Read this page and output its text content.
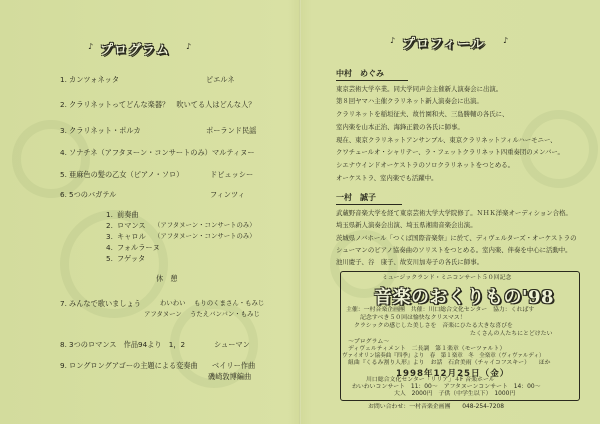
♪ プログラム ♪
1. カンツォネッタ	ピエルネ
2. クラリネットってどんな楽器？　吹いてる人はどんな人？
3. クラリネット・ポルカ	ポーランド民謡
4. ソナチネ（アフタヌーン・コンサートのみ） マルティヌー
5. 亜麻色の髪の乙女（ピアノ・ソロ）	ドビュッシー
6. 5つのバガテル	フィンツィ
1. 前奏曲
2. ロマンス （アフタヌーン・コンサートのみ）
3. キャロル （アフタヌーン・コンサートのみ）
4. フォルラーヌ
5. フゲッタ
休　憩
7. みんなで歌いましょう	わいわい もりのくまさん・もみじ
アフタヌーン うたえバンバン・もみじ
8. 3つのロマンス　作品94より　1，2	シューマン
9. ロングロングアゴーの主題による変奏曲 ベイリー作曲
磯崎敦博編曲
♪ プロフィール ♪
中村　めぐみ
東京芸術大学卒業。同大学同声会主催新人演奏会に出演。
第８回ヤマハ主催クラリネット新人演奏会に出演。
クラリネットを稲垣征夫、故竹園和夫、三島勝輔の各氏に、
室内楽を山本正治、海鋒正毅の各氏に師事。
現在、東京クラリネットアンサンブル、東京クラリネットフィルハーモニー、
クワチュールオ・シャリテー、ラ・フェットクラリネット四重奏団のメンバー。
シエナウインドオーケストラのソロクラリネットをつとめる。
オーケストラ、室内楽でも活躍中。
一村　誠子
武蔵野音楽大学を経て東京芸術大学大学院修了。ＮＨＫ洋楽オーディション合格。
埼玉県新人演奏会出演、埼玉県湘南音楽会出演。
茨城県ノバホール「つくば国際音楽祭」に於て、ディヴェルターズ・オーケストラの
シューマンのピアノ協奏曲のソリストをつとめる。室内楽、伴奏を中心に活動中。
池川慶子、谷　康子、故安川加寿子の各氏に師事。
ミュージックランド・ミニコンサート５０回記念
音楽のおくりもの'98
主催：一村音楽企画團　共催：川口総合文化センター　協力：くればす
記念すべき５０回は愉快なクリスマス！
クラシックの感じした美しさを　音楽にひたる大きな喜びを
たくさんの人たちにとどけたい
～プログラム～
ディヴェルティメント　二長調　第１楽章（モーツァルト）
ヴァイオリン協奏曲『四季』より　春　第１楽章　冬　全楽章（ヴィヴァルディ）
組曲『くるみ割り人形』より　お話　石倉美雨（チャイコフスキー）　　ほか
1998年12月25日（金）
川口総合文化センター「リリア」４F 音楽ホール
わいわいコンサート　11：00～　アフタヌーンコンサート　14：00～
大人　2000円　子供（中学生以下）　1000円
お問い合わせ：一村音楽企画團　　048-254-7208
